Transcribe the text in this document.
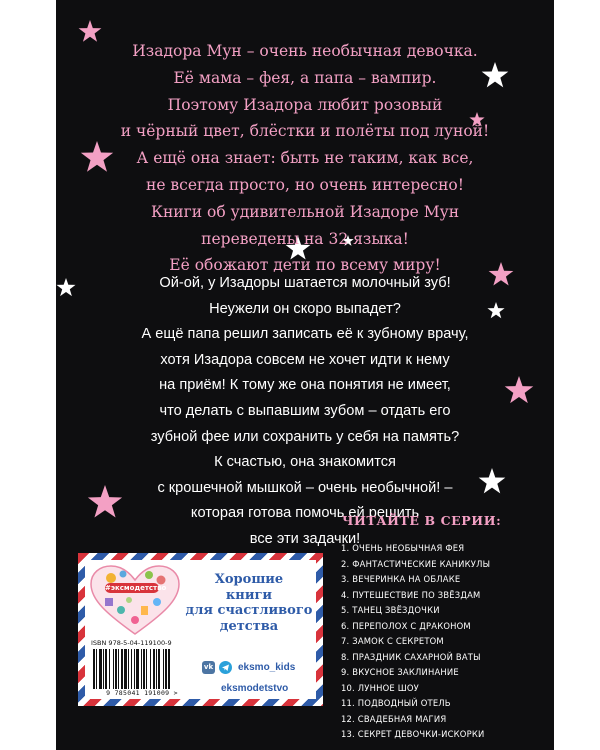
Изадора Мун – очень необычная девочка.
Её мама – фея, а папа – вампир.
Поэтому Изадора любит розовый
и чёрный цвет, блёстки и полёты под луной!
А ещё она знает: быть не таким, как все,
не всегда просто, но очень интересно!
Книги об удивительной Изадоре Мун
переведены на 32 языка!
Её обожают дети по всему миру!
Ой-ой, у Изадоры шатается молочный зуб!
Неужели он скоро выпадет?
А ещё папа решил записать её к зубному врачу,
хотя Изадора совсем не хочет идти к нему
на приём! К тому же она понятия не имеет,
что делать с выпавшим зубом – отдать его
зубной фее или сохранить у себя на память?
К счастью, она знакомится
с крошечной мышкой – очень необычной! –
которая готова помочь ей решить
все эти задачки!
ЧИТАЙТЕ В СЕРИИ:
1. ОЧЕНЬ НЕОБЫЧНАЯ ФЕЯ
2. ФАНТАСТИЧЕСКИЕ КАНИКУЛЫ
3. ВЕЧЕРИНКА НА ОБЛАКЕ
4. ПУТЕШЕСТВИЕ ПО ЗВЁЗДАМ
5. ТАНЕЦ ЗВЁЗДОЧКИ
6. ПЕРЕПОЛОХ С ДРАКОНОМ
7. ЗАМОК С СЕКРЕТОМ
8. ПРАЗДНИК САХАРНОЙ ВАТЫ
9. ВКУСНОЕ ЗАКЛИНАНИЕ
10. ЛУННОЕ ШОУ
11. ПОДВОДНЫЙ ОТЕЛЬ
12. СВАДЕБНАЯ МАГИЯ
13. СЕКРЕТ ДЕВОЧКИ-ИСКОРКИ
#эксмодетство
Хорошие
книги
для счастливого
детства
ISBN 978-5-04-119100-9
9 785041 191009 >
vk eksmo_kids
eksmodetstvo
